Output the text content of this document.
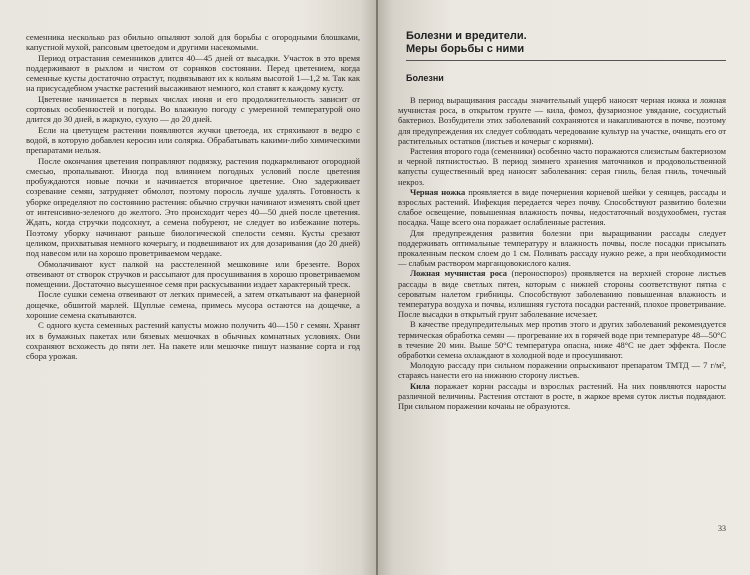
семенника несколько раз обильно опыляют золой для борьбы с огородными блошками, капустной мухой, рапсовым цветоедом и другими насекомыми.

Период отрастания семенников длится 40—45 дней от высадки. Участок в это время поддерживают в рыхлом и чистом от сорняков состоянии. Перед цветением, когда семенные кусты достаточно отрастут, подвязывают их к кольям высотой 1—1,2 м. Так как на присусадебном участке растений высаживают немного, кол ставят к каждому кусту.

Цветение начинается в первых числах июня и его продолжительность зависит от сортовых особенностей и погоды. Во влажную погоду с умеренной температурой оно длится до 30 дней, в жаркую, сухую — до 20 дней.

Если на цветущем растении появляются жучки цветоеда, их стряхивают в ведро с водой, в которую добавлен керосин или солярка. Обрабатывать какими-либо химическими препаратами нельзя.

После окончания цветения поправляют подвязку, растения подкармливают огородной смесью, пропалывают. Иногда под влиянием погодных условий после цветения пробуждаются новые почки и начинается вторичное цветение. Оно задерживает созревание семян, затрудняет обмолот, поэтому поросль лучше удалять. Готовность к уборке определяют по состоянию растения: обычно стручки начинают изменять свой цвет от интенсивно-зеленого до желтого. Это происходит через 40—50 дней после цветения. Ждать, когда стручки подсохнут, а семена побуреют, не следует во избежание потерь. Поэтому уборку начинают раньше биологической спелости семян. Кусты срезают целиком, прихватывая немного кочерыгу, и подвешивают их для дозаривания (до 20 дней) под навесом или на хорошо проветриваемом чердаке.

Обмолачивают куст палкой на расстеленной мешковине или брезенте. Ворох отвеивают от створок стручков и рассыпают для просушивания в хорошо проветриваемом помещении. Достаточно высушенное семя при раскусывании издает характерный треск.

После сушки семена отвеивают от легких примесей, а затем откатывают на фанерной дощечке, обшитой марлей. Щуплые семена, примесь мусора остаются на дощечке, а хорошие семена скатываются.

С одного куста семенных растений капусты можно получить 40—150 г семян. Хранят их в бумажных пакетах или бязевых мешочках в обычных комнатных условиях. Они сохраняют всхожесть до пяти лет. На пакете или мешочке пишут название сорта и год сбора урожая.

Болезни и вредители.
Меры борьбы с ними
Болезни

В период выращивания рассады значительный ущерб наносят черная ножка и ложная мучнистая роса, в открытом грунте — кила, фомоз, фузариозное увядание, сосудистый бактериоз. Возбудители этих заболеваний сохраняются и накапливаются в почве, поэтому для предупреждения их следует соблюдать чередование культур на участке, очищать его от растительных остатков (листьев и кочерыг с корнями).

Растения второго года (семенники) особенно часто поражаются слизистым бактериозом и черной пятнистостью. В период зимнего хранения маточников и продовольственной капусты существенный вред наносят заболевания: серая гниль, белая гниль, точечный некроз.

Черная ножка проявляется в виде почернения корневой шейки у сеянцев, рассады и взрослых растений. Инфекция передается через почву. Способствуют развитию болезни слабое освещение, повышенная влажность почвы, недостаточный воздухообмен, густая посадка. Чаще всего она поражает ослабленные растения.

Для предупреждения развития болезни при выращивании рассады следует поддерживать оптимальные температуру и влажность почвы, после посадки присыпать прокаленным песком слоем до 1 см. Поливать рассаду нужно реже, а при необходимости — слабым раствором марганцовокислого калия.

Ложная мучнистая роса (пероноспороз) проявляется на верхней стороне листьев рассады в виде светлых пятен, которым с нижней стороны соответствуют пятна с сероватым налетом грибницы. Способствуют заболеванию повышенная влажность и температура воздуха и почвы, излишняя густота посадки растений, плохое проветривание. После высадки в открытый грунт заболевание исчезает.

В качестве предупредительных мер против этого и других заболеваний рекомендуется термическая обработка семян — прогревание их в горячей воде при температуре 48—50°С в течение 20 мин. Выше 50°С температура опасна, ниже 48°С не дает эффекта. После обработки семена охлаждают в холодной воде и просушивают.

Молодую рассаду при сильном поражении опрыскивают препаратом ТМТД — 7 г/м², стараясь нанести его на нижнюю сторону листьев.

Кила поражает корни рассады и взрослых растений. На них появляются наросты различной величины. Растения отстают в росте, в жаркое время суток листья подвядают. При сильном поражении кочаны не образуются.

33
